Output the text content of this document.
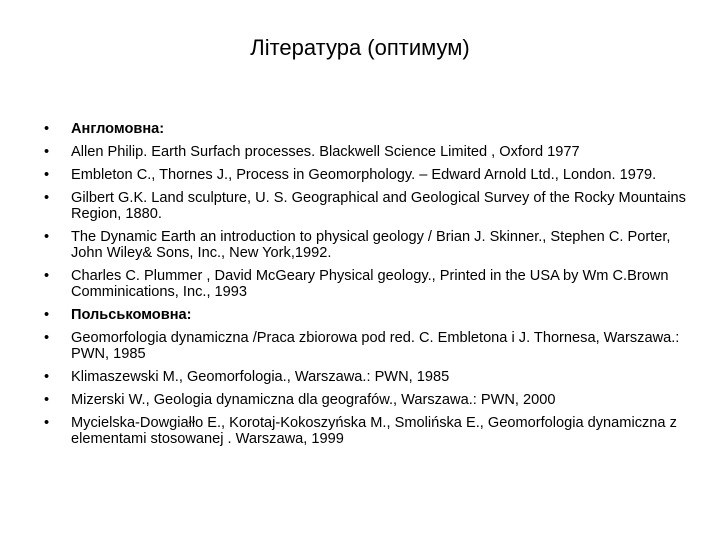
Література (оптимум)
•	Англомовна:
•	Allen Philip. Earth Surfach processes. Blackwell Science Limited , Oxford 1977
•	Embleton C., Thornes J., Process in Geomorphology. – Edward Arnold Ltd., London. 1979.
•	Gilbert G.K. Land sculpture, U. S. Geographical and Geological Survey of the Rocky Mountains Region, 1880.
•	The Dynamic Earth an introduction to physical geology / Brian J. Skinner., Stephen C. Porter, John Wiley& Sons, Inc., New York,1992.
•	Charles C. Plummer , David McGeary Physical geology., Printed in the USA by Wm C.Brown Comminications, Inc., 1993
•	Польськомовна:
•	Geomorfologia dynamiczna /Praca zbiorowa pod red. C. Embletona i J. Thornesa, Warszawa.: PWN, 1985
•	Klimaszewski M., Geomorfologia., Warszawa.: PWN, 1985
•	Mizerski W., Geologia dynamiczna dla geografów., Warszawa.: PWN, 2000
•	Mycielska-Dowgiałło E., Korotaj-Kokoszyńska M., Smolińska E., Geomorfologia dynamiczna z elementami stosowanej . Warszawa, 1999
